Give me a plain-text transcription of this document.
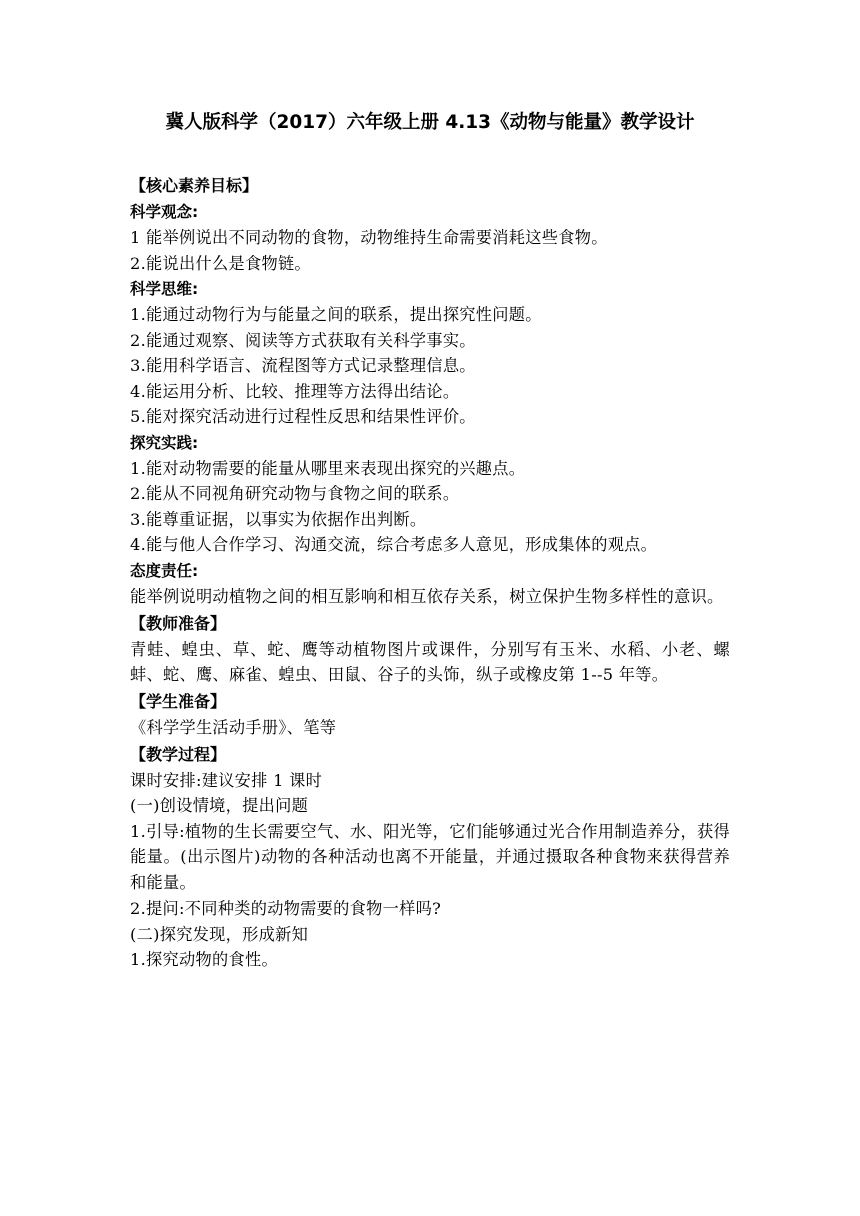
冀人版科学（2017）六年级上册 4.13《动物与能量》教学设计
【核心素养目标】
科学观念:
1 能举例说出不同动物的食物，动物维持生命需要消耗这些食物。
2.能说出什么是食物链。
科学思维:
1.能通过动物行为与能量之间的联系，提出探究性问题。
2.能通过观察、阅读等方式获取有关科学事实。
3.能用科学语言、流程图等方式记录整理信息。
4.能运用分析、比较、推理等方法得出结论。
5.能对探究活动进行过程性反思和结果性评价。
探究实践:
1.能对动物需要的能量从哪里来表现出探究的兴趣点。
2.能从不同视角研究动物与食物之间的联系。
3.能尊重证据，以事实为依据作出判断。
4.能与他人合作学习、沟通交流，综合考虑多人意见，形成集体的观点。
态度责任:
能举例说明动植物之间的相互影响和相互依存关系，树立保护生物多样性的意识。
【教师准备】
青蛙、蝗虫、草、蛇、鹰等动植物图片或课件，分别写有玉米、水稻、小老、螺蚌、蛇、鹰、麻雀、蝗虫、田鼠、谷子的头饰，纵子或橡皮第 1--5 年等。
【学生准备】
《科学学生活动手册》、笔等
【教学过程】
课时安排:建议安排 1 课时
(一)创设情境，提出问题
1.引导:植物的生长需要空气、水、阳光等，它们能够通过光合作用制造养分，获得能量。(出示图片)动物的各种活动也离不开能量，并通过摄取各种食物来获得营养和能量。
2.提问:不同种类的动物需要的食物一样吗?
(二)探究发现，形成新知
1.探究动物的食性。
